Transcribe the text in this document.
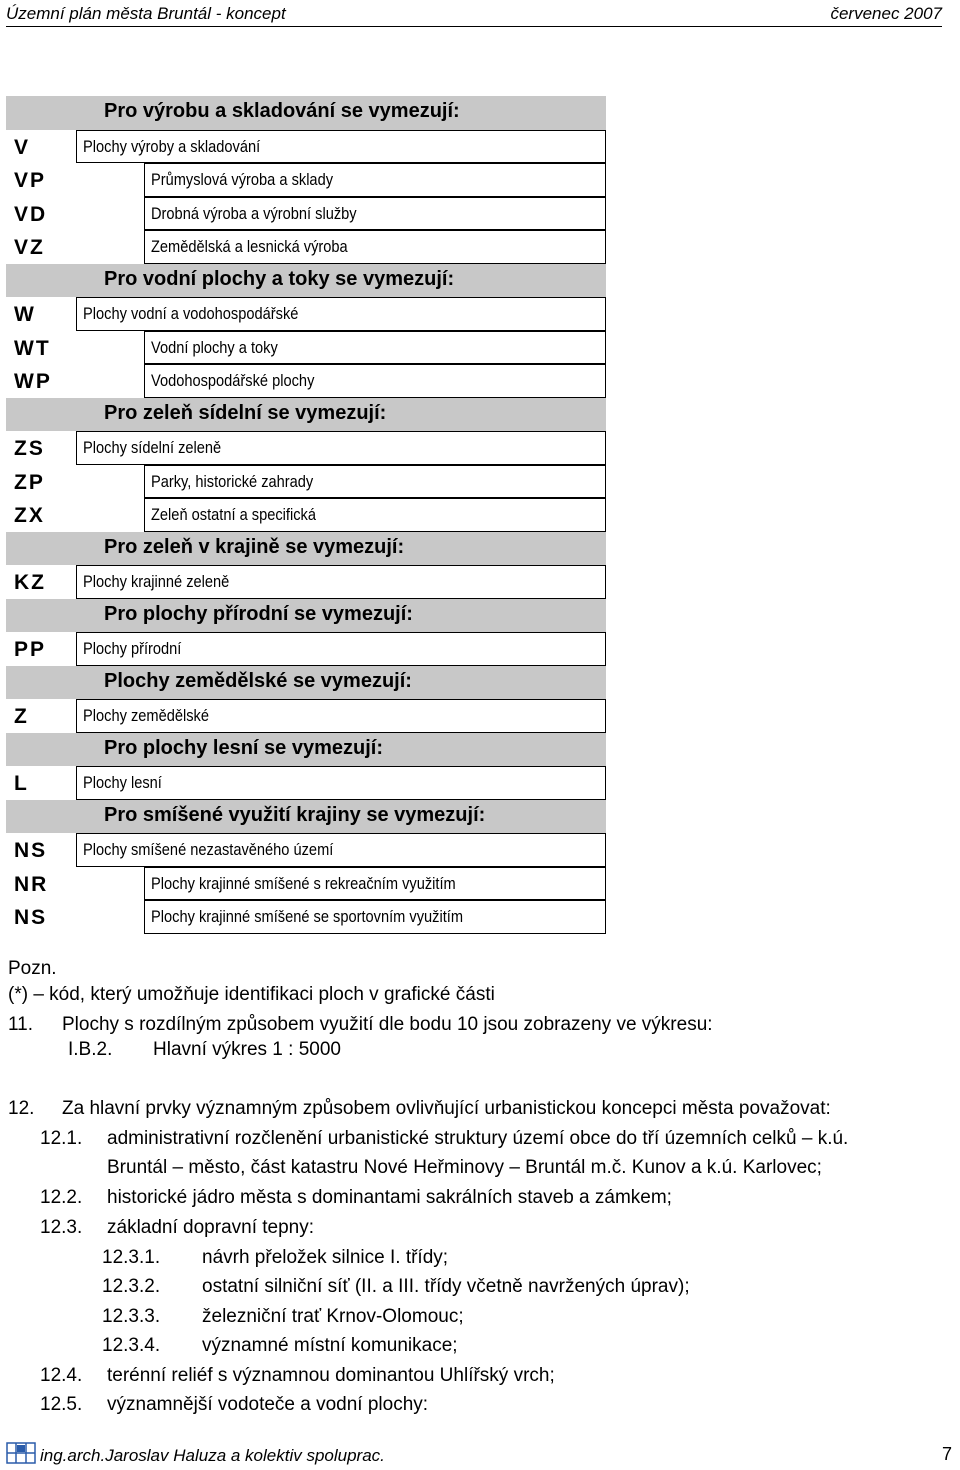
Územní plán města Bruntál - koncept	červenec 2007
Pro výrobu a skladování se vymezují:
V	Plochy výroby a skladování
VP	Průmyslová výroba a sklady
VD	Drobná výroba a výrobní služby
VZ	Zemědělská a lesnická výroba
Pro vodní plochy a toky se vymezují:
W	Plochy vodní a vodohospodářské
WT	Vodní plochy a toky
WP	Vodohospodářské plochy
Pro zeleň sídelní se vymezují:
ZS Plochy sídelní zeleně
ZP	Parky, historické zahrady
ZX	Zeleň ostatní a specifická
Pro zeleň v krajině se vymezují:
KZ Plochy krajinné zeleně
Pro plochy přírodní se vymezují:
PP Plochy přírodní
Plochy zemědělské se vymezují:
Z	Plochy zemědělské
Pro plochy lesní se vymezují:
L	Plochy lesní
Pro smíšené využití krajiny se vymezují:
NS Plochy smíšené nezastavěného území
NR	Plochy krajinné smíšené s rekreačním využitím
NS	Plochy krajinné smíšené se sportovním využitím
Pozn.
(*) – kód, který umožňuje identifikaci ploch v grafické části
11. Plochy s rozdílným způsobem využití dle bodu 10 jsou zobrazeny ve výkresu:
I.B.2. Hlavní výkres 1 : 5000
12. Za hlavní prvky významným způsobem ovlivňující urbanistickou koncepci města považovat:
12.1. administrativní rozčlenění urbanistické struktury území obce do tří územních celků – k.ú.
Bruntál – město, část katastru Nové Heřminovy – Bruntál m.č. Kunov a k.ú. Karlovec;
12.2. historické jádro města s dominantami sakrálních staveb a zámkem;
12.3. základní dopravní tepny:
12.3.1. návrh přeložek silnice I. třídy;
12.3.2. ostatní silniční síť (II. a III. třídy včetně navržených úprav);
12.3.3. železniční trať Krnov-Olomouc;
12.3.4. významné místní komunikace;
12.4. terénní reliéf s významnou dominantou Uhlířský vrch;
12.5. významnější vodoteče a vodní plochy:
ing.arch.Jaroslav Haluza a kolektiv spoluprac.	7
